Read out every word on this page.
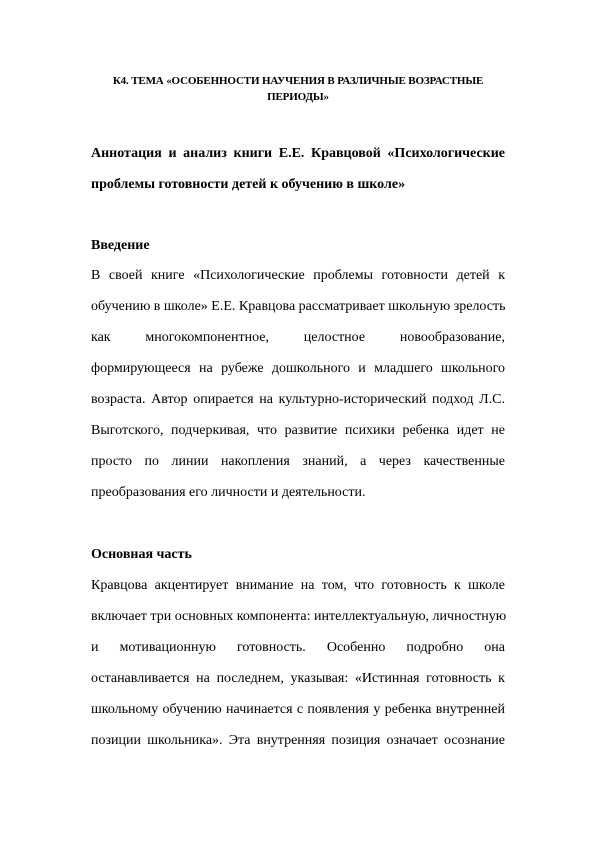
К4. ТЕМА «ОСОБЕННОСТИ НАУЧЕНИЯ В РАЗЛИЧНЫЕ ВОЗРАСТНЫЕ
ПЕРИОДЫ»
Аннотация и анализ книги Е.Е. Кравцовой «Психологические
проблемы готовности детей к обучению в школе»
Введение
В своей книге «Психологические проблемы готовности детей к
обучению в школе» Е.Е. Кравцова рассматривает школьную зрелость
как многокомпонентное, целостное новообразование,
формирующееся на рубеже дошкольного и младшего школьного
возраста. Автор опирается на культурно-исторический подход Л.С.
Выготского, подчеркивая, что развитие психики ребенка идет не
просто по линии накопления знаний, а через качественные
преобразования его личности и деятельности.
Основная часть
Кравцова акцентирует внимание на том, что готовность к школе
включает три основных компонента: интеллектуальную, личностную
и мотивационную готовность. Особенно подробно она
останавливается на последнем, указывая: «Истинная готовность к
школьному обучению начинается с появления у ребенка внутренней
позиции школьника». Эта внутренняя позиция означает осознание
